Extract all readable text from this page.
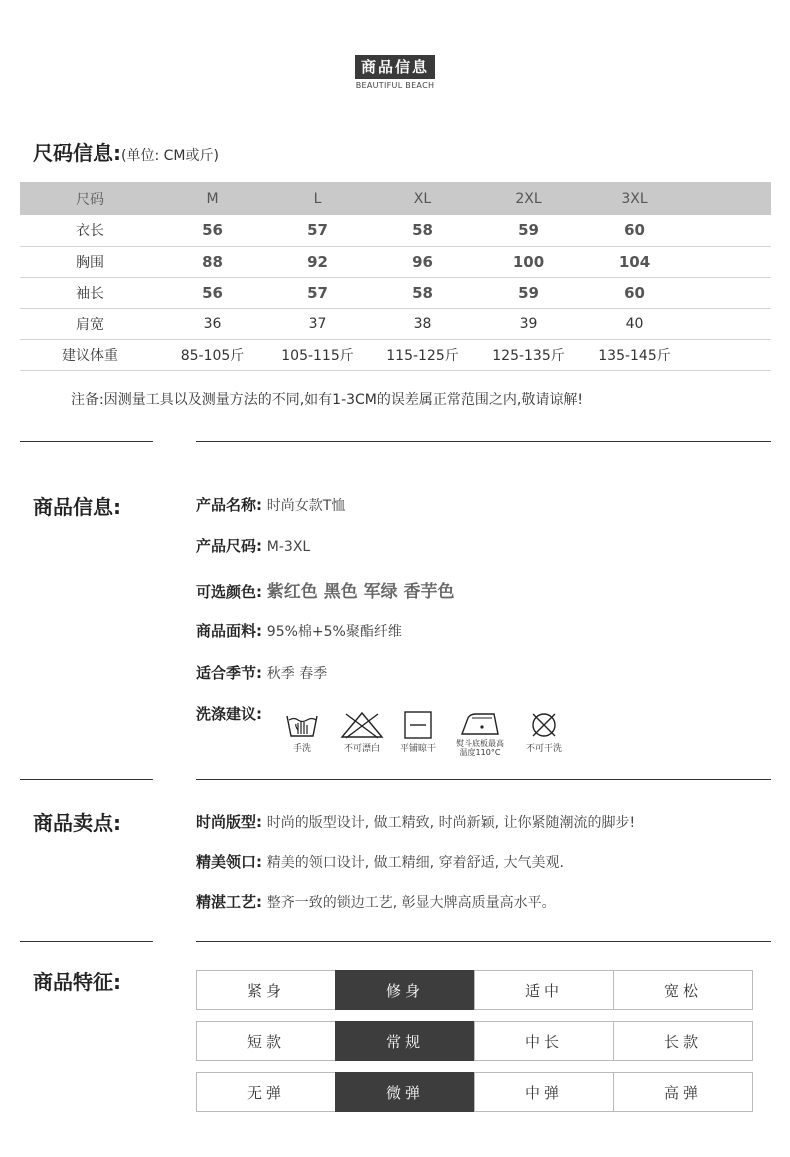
商品信息
BEAUTIFUL BEACH
尺码信息:(单位: CM或斤)
尺码	M	L	XL	2XL	3XL	
衣长	56	57	58	59	60	
胸围	88	92	96	100	104	
袖长	56	57	58	59	60	
肩宽	36	37	38	39	40	
建议体重	85-105斤	105-115斤	115-125斤	125-135斤	135-145斤	
注备:因测量工具以及测量方法的不同,如有1-3CM的误差属正常范围之内,敬请谅解!
商品信息:	产品名称: 时尚女款T恤
产品尺码: M-3XL
可选颜色: 紫红色 黑色 军绿 香芋色
商品面料: 95%棉+5%聚酯纤维
适合季节: 秋季 春季
洗涤建议:
手洗	不可漂白	平铺晾干
熨斗底板最高
温度110°C	不可干洗
商品卖点:	时尚版型: 时尚的版型设计, 做工精致, 时尚新颖, 让你紧随潮流的脚步!
精美领口: 精美的领口设计, 做工精细, 穿着舒适, 大气美观.
精湛工艺: 整齐一致的锁边工艺, 彰显大牌高质量高水平。
商品特征:	紧身	修身	适中	宽松
短款	常规	中长	长款
无弹	微弹	中弹	高弹
